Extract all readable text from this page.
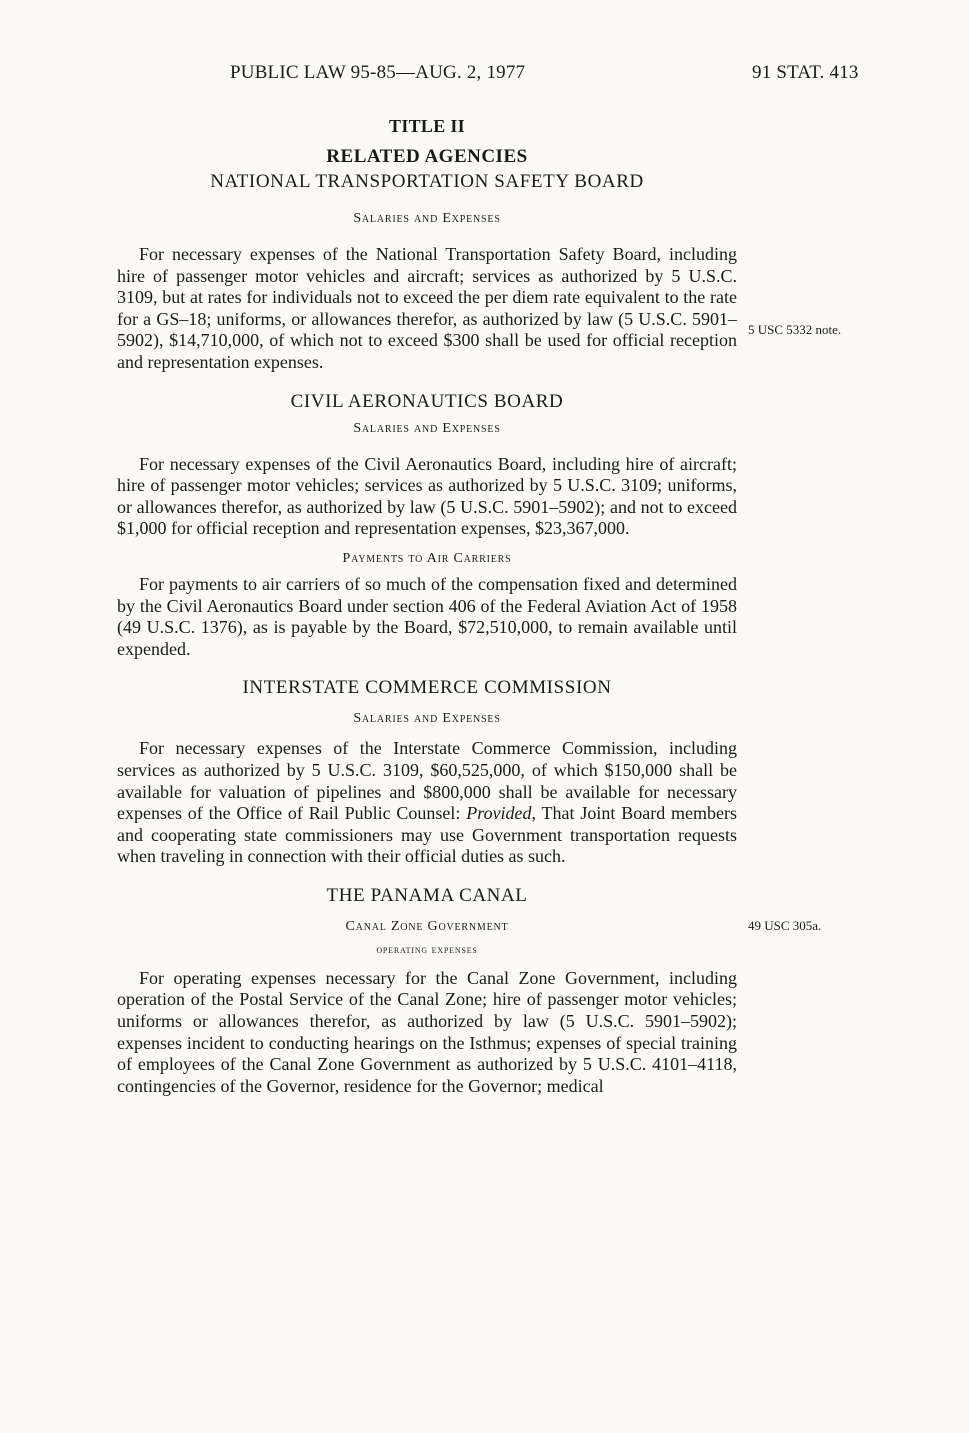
PUBLIC LAW 95-85—AUG. 2, 1977	91 STAT. 413
TITLE II
RELATED AGENCIES
NATIONAL TRANSPORTATION SAFETY BOARD
Salaries and Expenses

For necessary expenses of the National Transportation Safety Board, including hire of passenger motor vehicles and aircraft; services as authorized by 5 U.S.C. 3109, but at rates for individuals not to exceed the per diem rate equivalent to the rate for a GS–18; uniforms, or allowances therefor, as authorized by law (5 U.S.C. 5901–5902), $14,710,000, of which not to exceed $300 shall be used for official reception and representation expenses.

CIVIL AERONAUTICS BOARD
Salaries and Expenses

For necessary expenses of the Civil Aeronautics Board, including hire of aircraft; hire of passenger motor vehicles; services as authorized by 5 U.S.C. 3109; uniforms, or allowances therefor, as authorized by law (5 U.S.C. 5901–5902); and not to exceed $1,000 for official reception and representation expenses, $23,367,000.

Payments to Air Carriers

For payments to air carriers of so much of the compensation fixed and determined by the Civil Aeronautics Board under section 406 of the Federal Aviation Act of 1958 (49 U.S.C. 1376), as is payable by the Board, $72,510,000, to remain available until expended.

INTERSTATE COMMERCE COMMISSION
Salaries and Expenses

For necessary expenses of the Interstate Commerce Commission, including services as authorized by 5 U.S.C. 3109, $60,525,000, of which $150,000 shall be available for valuation of pipelines and $800,000 shall be available for necessary expenses of the Office of Rail Public Counsel: Provided, That Joint Board members and cooperating state commissioners may use Government transportation requests when traveling in connection with their official duties as such.

THE PANAMA CANAL
Canal Zone Government
operating expenses

For operating expenses necessary for the Canal Zone Government, including operation of the Postal Service of the Canal Zone; hire of passenger motor vehicles; uniforms or allowances therefor, as authorized by law (5 U.S.C. 5901–5902); expenses incident to conducting hearings on the Isthmus; expenses of special training of employees of the Canal Zone Government as authorized by 5 U.S.C. 4101–4118, contingencies of the Governor, residence for the Governor; medical

5 USC 5332 note.
49 USC 305a.
